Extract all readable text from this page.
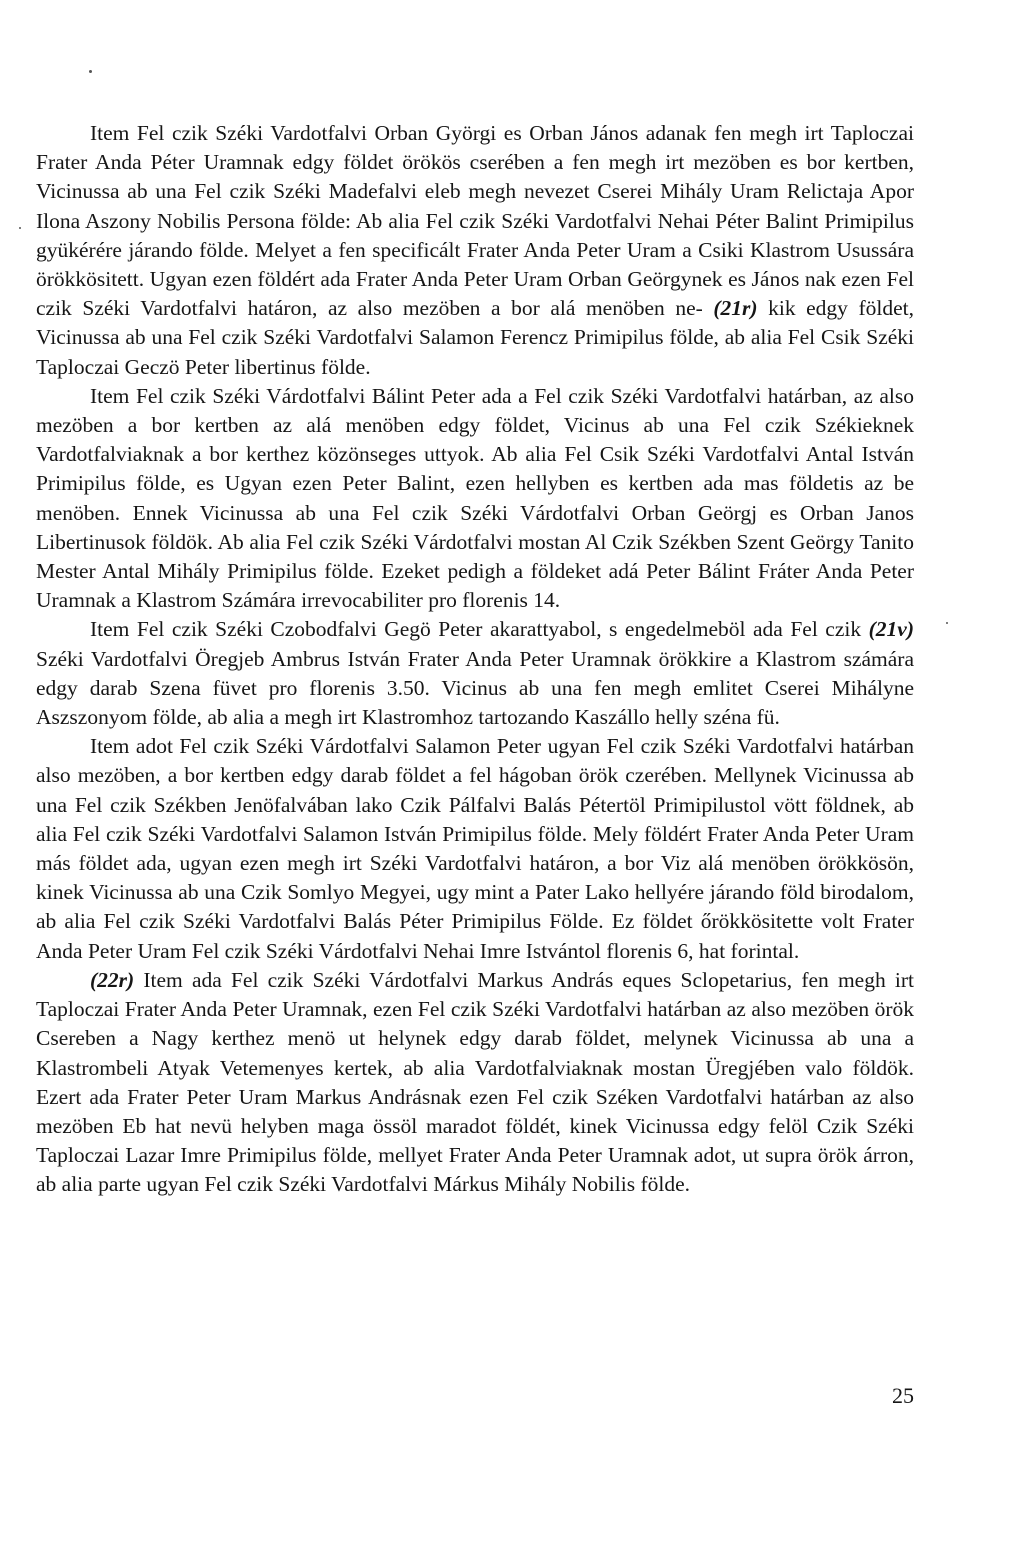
Item Fel czik Széki Vardotfalvi Orban Györgi es Orban János adanak fen megh irt Taploczai Frater Anda Péter Uramnak edgy földet örökös cserében a fen megh irt mezöben es bor kertben, Vicinussa ab una Fel czik Széki Madefalvi eleb megh nevezet Cserei Mihály Uram Relictaja Apor Ilona Aszony Nobilis Persona földe: Ab alia Fel czik Széki Vardotfalvi Nehai Péter Balint Primipilus gyükérére járando földe. Melyet a fen specificált Frater Anda Peter Uram a Csiki Klastrom Usussára örökkösitett. Ugyan ezen földért ada Frater Anda Peter Uram Orban Geörgynek es János nak ezen Fel czik Széki Vardotfalvi határon, az also mezöben a bor alá menöben ne- (21r) kik edgy földet, Vicinussa ab una Fel czik Széki Vardotfalvi Salamon Ferencz Primipilus földe, ab alia Fel Csik Széki Taploczai Geczö Peter libertinus földe.

Item Fel czik Széki Várdotfalvi Bálint Peter ada a Fel czik Széki Vardotfalvi határban, az also mezöben a bor kertben az alá menöben edgy földet, Vicinus ab una Fel czik Székieknek Vardotfalviaknak a bor kerthez közönseges uttyok. Ab alia Fel Csik Széki Vardotfalvi Antal István Primipilus földe, es Ugyan ezen Peter Balint, ezen hellyben es kertben ada mas földetis az be menöben. Ennek Vicinussa ab una Fel czik Széki Várdotfalvi Orban Geörgj es Orban Janos Libertinusok földök. Ab alia Fel czik Széki Várdotfalvi mostan Al Czik Székben Szent Geörgy Tanito Mester Antal Mihály Primipilus földe. Ezeket pedigh a földeket adá Peter Bálint Fráter Anda Peter Uramnak a Klastrom Számára irrevocabiliter pro florenis 14.

Item Fel czik Széki Czobodfalvi Gegö Peter akarattyabol, s engedelmeböl ada Fel czik (21v) Széki Vardotfalvi Öregjeb Ambrus István Frater Anda Peter Uramnak örökkire a Klastrom számára edgy darab Szena füvet pro florenis 3.50. Vicinus ab una fen megh emlitet Cserei Mihályne Aszszonyom földe, ab alia a megh irt Klastromhoz tartozando Kaszállo helly széna fü.

Item adot Fel czik Széki Várdotfalvi Salamon Peter ugyan Fel czik Széki Vardotfalvi határban also mezöben, a bor kertben edgy darab földet a fel hágoban örök czerében. Mellynek Vicinussa ab una Fel czik Székben Jenöfalvában lako Czik Pálfalvi Balás Pétertöl Primipilustol vött földnek, ab alia Fel czik Széki Vardotfalvi Salamon István Primipilus földe. Mely földért Frater Anda Peter Uram más földet ada, ugyan ezen megh irt Széki Vardotfalvi határon, a bor Viz alá menöben örökkösön, kinek Vicinussa ab una Czik Somlyo Megyei, ugy mint a Pater Lako hellyére járando föld birodalom, ab alia Fel czik Széki Vardotfalvi Balás Péter Primipilus Földe. Ez földet őrökkösitette volt Frater Anda Peter Uram Fel czik Széki Várdotfalvi Nehai Imre Istvántol florenis 6, hat forintal.

(22r) Item ada Fel czik Széki Várdotfalvi Markus András eques Sclopetarius, fen megh irt Taploczai Frater Anda Peter Uramnak, ezen Fel czik Széki Vardotfalvi határban az also mezöben örök Csereben a Nagy kerthez menö ut helynek edgy darab földet, melynek Vicinussa ab una a Klastrombeli Atyak Vetemenyes kertek, ab alia Vardotfalviaknak mostan Üregjében valo földök. Ezert ada Frater Peter Uram Markus Andrásnak ezen Fel czik Széken Vardotfalvi határban az also mezöben Eb hat nevü helyben maga össöl maradot földét, kinek Vicinussa edgy felöl Czik Széki Taploczai Lazar Imre Primipilus földe, mellyet Frater Anda Peter Uramnak adot, ut supra örök árron, ab alia parte ugyan Fel czik Széki Vardotfalvi Márkus Mihály Nobilis földe.

25
